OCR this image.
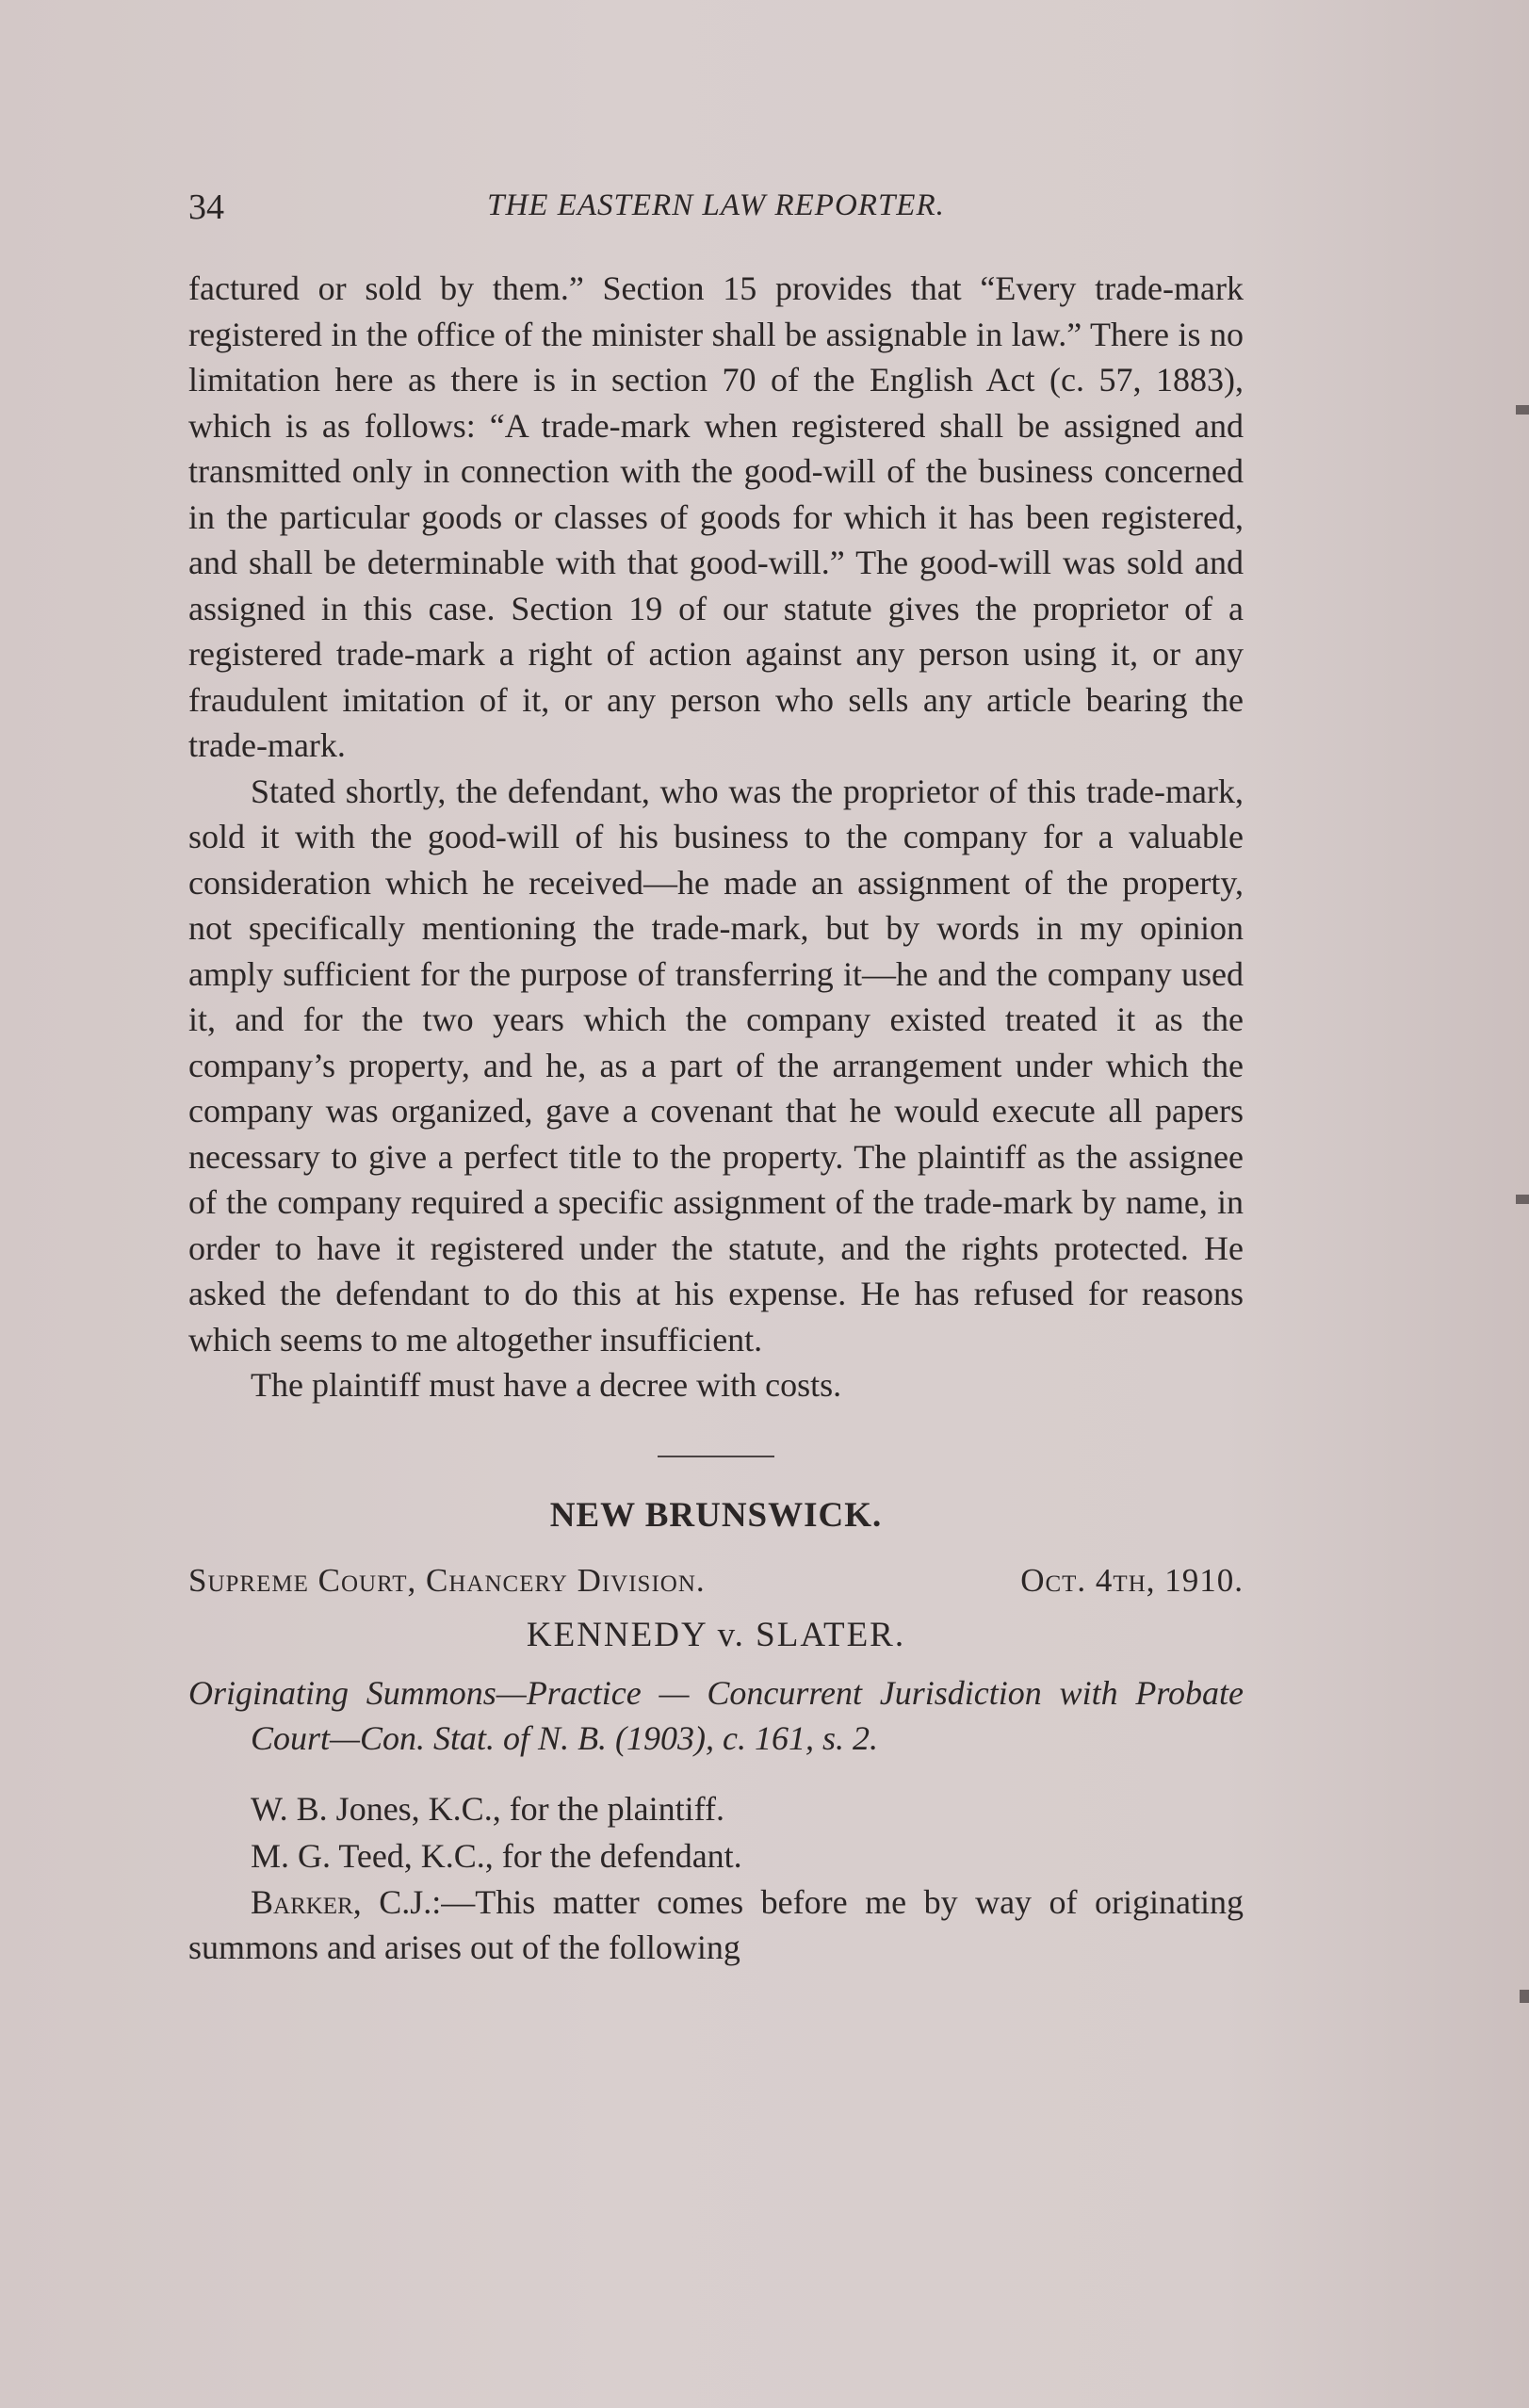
34	THE EASTERN LAW REPORTER.

factured or sold by them.” Section 15 provides that “Every trade-mark registered in the office of the minister shall be assignable in law.” There is no limitation here as there is in section 70 of the English Act (c. 57, 1883), which is as follows: “A trade-mark when registered shall be assigned and transmitted only in connection with the good-will of the business concerned in the particular goods or classes of goods for which it has been registered, and shall be determinable with that good-will.” The good-will was sold and assigned in this case. Section 19 of our statute gives the proprietor of a registered trade-mark a right of action against any person using it, or any fraudulent imitation of it, or any person who sells any article bearing the trade-mark.

Stated shortly, the defendant, who was the proprietor of this trade-mark, sold it with the good-will of his business to the company for a valuable consideration which he received—he made an assignment of the property, not specifically mentioning the trade-mark, but by words in my opinion amply sufficient for the purpose of transferring it—he and the company used it, and for the two years which the company existed treated it as the company’s property, and he, as a part of the arrangement under which the company was organized, gave a covenant that he would execute all papers necessary to give a perfect title to the property. The plaintiff as the assignee of the company required a specific assignment of the trade-mark by name, in order to have it registered under the statute, and the rights protected. He asked the defendant to do this at his expense. He has refused for reasons which seems to me altogether insufficient.

The plaintiff must have a decree with costs.

NEW BRUNSWICK.
Supreme Court, Chancery Division.	Oct. 4th, 1910.
KENNEDY v. SLATER.
Originating Summons—Practice — Concurrent Jurisdiction with Probate Court—Con. Stat. of N. B. (1903), c. 161, s. 2.
W. B. Jones, K.C., for the plaintiff.
M. G. Teed, K.C., for the defendant.

Barker, C.J.:—This matter comes before me by way of originating summons and arises out of the following
